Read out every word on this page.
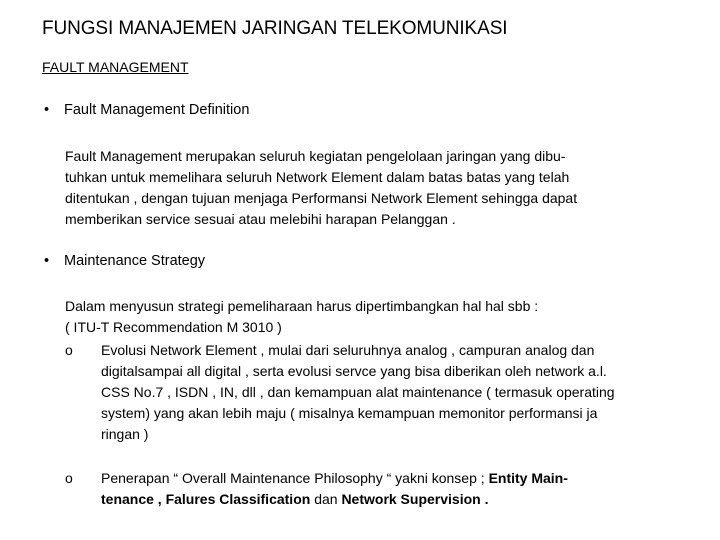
FUNGSI MANAJEMEN JARINGAN TELEKOMUNIKASI
FAULT MANAGEMENT
• Fault Management Definition
Fault Management merupakan seluruh kegiatan pengelolaan jaringan yang dibu-
tuhkan untuk memelihara seluruh Network Element dalam batas batas yang telah
ditentukan , dengan tujuan menjaga Performansi Network Element sehingga dapat
memberikan service sesuai atau melebihi harapan Pelanggan .
• Maintenance Strategy
Dalam menyusun strategi pemeliharaan harus dipertimbangkan hal hal sbb :
( ITU-T Recommendation M 3010 )
o Evolusi Network Element , mulai dari seluruhnya analog , campuran analog dan
digitalsampai all digital , serta evolusi servce yang bisa diberikan oleh network a.l.
CSS No.7 , ISDN , IN, dll , dan kemampuan alat maintenance ( termasuk operating
system) yang akan lebih maju ( misalnya kemampuan memonitor performansi ja
ringan )
o Penerapan “ Overall Maintenance Philosophy “ yakni konsep ; Entity Main-
tenance , Falures Classification dan Network Supervision .
